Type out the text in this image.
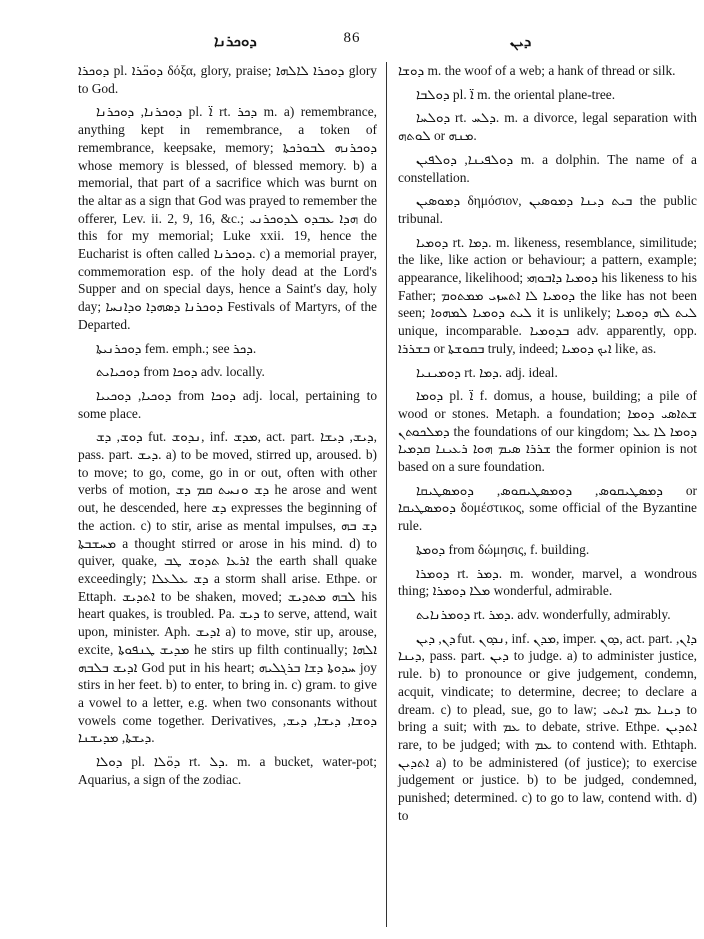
ܕܘܟܪܢܐ	86	ܕܝܢ

ܕܘܟܪܐ pl. ܕܘܟ̈ܪܐ δόξα, glory, praise; ܕܘܟܪܐ ܠܐܠܗܐ glory to God.

ܕܘܟܪܢܐ, ܕܘܟܪܢܐ pl. ܐ̈ rt. ܕܟܪ m. a) remembrance, anything kept in remembrance, a token of remembrance, keepsake, memory; ܕܘܟܪܢܗ ܠܒܘܪܟܬܐ whose memory is blessed, of blessed memory. b) a memorial, that part of a sacrifice which was burnt on the altar as a sign that God was prayed to remember the offerer, Lev. ii. 2, 9, 16, &c.; ܗܕܐ ܥܒܕܘ ܠܕܘܟܪܢܝ do this for my memorial; Luke xxii. 19, hence the Eucharist is often called ܕܘܟܪܢܐ. c) a memorial prayer, commemoration esp. of the holy dead at the Lord's Supper and on special days, hence a Saint's day, holy day; ܕܘܟܪܢܐ ܕܣܗܕܐ ܘܕܐܢܚܐ Festivals of Martyrs, of the Departed.

ܕܘܟܪܢܝܬܐ fem. emph.; see ܕܟܪ.

ܕܘܟܝܐܝܬ from ܕܘܟܐ adv. locally.

ܕܘܟܝܐ, ܕܘܟܝܝܐ from ܕܘܟܐ adj. local, pertaining to some place.

ܕܘܫ, ܕܫ fut. ܢܕܘܫ, inf. ܡܕܫ, act. part. ܕܝܫ, ܕܝܫܐ, pass. part. ܕܝܫ. a) to be moved, stirred up, aroused. b) to move; to go, come, go in or out, often with other verbs of motion, ܕܫ ܘܢܚܬ ܩܡ ܕܫ he arose and went out, he descended, here ܕܫ expresses the beginning of the action. c) to stir, arise as mental impulses, ܕܫ ܒܗ ܡܚܫܒܬܐ a thought stirred or arose in his mind. d) to quiver, quake, ܐܪܥܐ ܬܕܘܫ ܛܒ the earth shall quake exceedingly; ܕܫ ܥܠܥܠܐ a storm shall arise. Ethpe. or Ettaph. ܐܬܕܝܫ to be shaken, moved; ܠܒܗ ܡܬܕܝܫ his heart quakes, is troubled. Pa. ܕܝܫ to serve, attend, wait upon, minister. Aph. ܐܕܝܫ a) to move, stir up, arouse, excite, ܡܕܝܫ ܛܢܦܘܬܐ he stirs up filth continually; ܐܠܗܐ ܐܕܝܫ ܒܠܒܗ God put in his heart; ܚܕܘܬܐ ܕܫܐ ܒܪܓܠܝܗ joy stirs in her feet. b) to enter, to bring in. c) gram. to give a vowel to a letter, e.g. when two consonants without vowels come together. Derivatives, ܕܘܫܐ, ܕܝܫܐ, ܕܝܫ, ܕܝܫܬܐ, ܡܕܝܫܢܐ.

ܕܘܠܐ pl. ܕܘ̈ܠܐ rt. ܕܠ. m. a bucket, water-pot; Aquarius, a sign of the zodiac.

ܕܘܫܐ m. the woof of a web; a hank of thread or silk.

ܕܘܠܒܐ pl. ܐ̈ m. the oriental plane-tree.

ܕܘܠܚܐ rt. ܕܠܚ. m. a divorce, legal separation with ܠܘܬܗ or ܡܢܗ.

ܕܘܠܦܝܢܐ, ܕܘܠܦܝܢ m. a dolphin. The name of a constellation.

ܕܡܘܣܝܢ δημόσιον, ܒܝܬ ܕܝܢܐ ܕܡܘܣܝܢ the public tribunal.

ܕܘܡܝܐ rt. ܕܡܐ. m. likeness, resemblance, similitude; the like, like action or behaviour; a pattern, example; appearance, likelihood; ܕܘܡܝܐ ܕܐܒܘܗܝ his likeness to his Father; ܕܘܡܝܐ ܠܐ ܐܬܚܙܝ ܡܡܬܘܡ the like has not been seen; ܠܝܬ ܕܘܡܝܐ ܠܡܗܘܐ it is unlikely; ܠܝܬ ܠܗ ܕܘܡܝܐ unique, incomparable. ܒܕܘܡܝܐ adv. apparently, opp. ܒܫܪܪܐ or ܒܩܘܫܬܐ truly, indeed; ܐܝܟ ܕܘܡܝܐ like, as.

ܕܘܡܝܢܝܐ rt. ܕܡܐ. adj. ideal.

ܕܘܡܐ pl. ܐ̈ f. domus, a house, building; a pile of wood or stones. Metaph. a foundation; ܫܬܐܣܝ ܕܘܡܐ ܕܡܠܟܘܬܢ the foundations of our kingdom; ܕܘܡܐ ܠܐ ܥܠ ܫܪܪܐ ܣܝܡ ܗܘܐ ܪܥܝܢܐ ܩܕܡܝܐ the former opinion is not based on a sure foundation.

ܕܡܣܛܝܩܘܣ, ܕܘܡܣܛܝܩܘܣ, ܕܘܡܣܛܝܩܐ or ܕܘܡܣܛܝܩܐ δομέστικος, some official of the Byzantine rule.

ܕܘܡܬܐ from δώμησις, f. building.

ܕܘܡܪܐ rt. ܕܡܪ. m. wonder, marvel, a wondrous thing; ܡܠܐ ܕܘܡܪܐ wonderful, admirable.

ܕܘܡܪܢܐܝܬ rt. ܕܡܪ. adv. wonderfully, admirably.

ܕܢ, ܕܝܢ fut. ܢܕܘܢ, inf. ܡܕܢ, imper. ܕܘܢ, act. part. ܕܐܢ, ܕܝܢܐ, pass. part. ܕܝܢ to judge. a) to administer justice, rule. b) to pronounce or give judgement, condemn, acquit, vindicate; to determine, decree; to declare a dream. c) to plead, sue, go to law; ܕܝܢܐ ܥܡ ܐܝܬܝ to bring a suit; with ܥܡ to debate, strive. Ethpe. ܐܬܕܝܢ rare, to be judged; with ܥܡ to contend with. Ethtaph. ܐܬܕܝܢ a) to be administered (of justice); to exercise judgement or justice. b) to be judged, condemned, punished; determined. c) to go to law, contend with. d) to
